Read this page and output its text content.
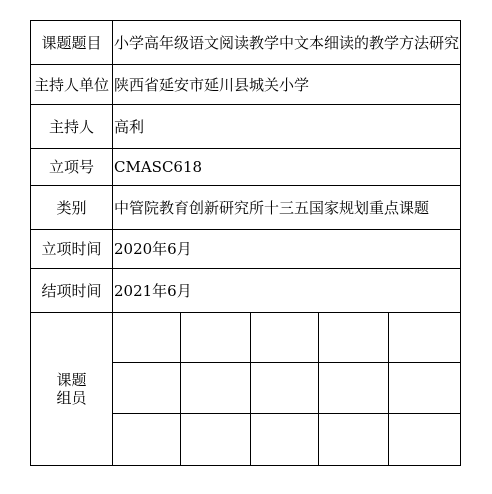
课题题目	小学高年级语文阅读教学中文本细读的教学方法研究				
主持人单位	陕西省延安市延川县城关小学				
主持人	高利				
立项号	CMASC618				
类别	中管院教育创新研究所十三五国家规划重点课题				
立项时间	2020年6月				
结项时间	2021年6月				

课题
组员					
